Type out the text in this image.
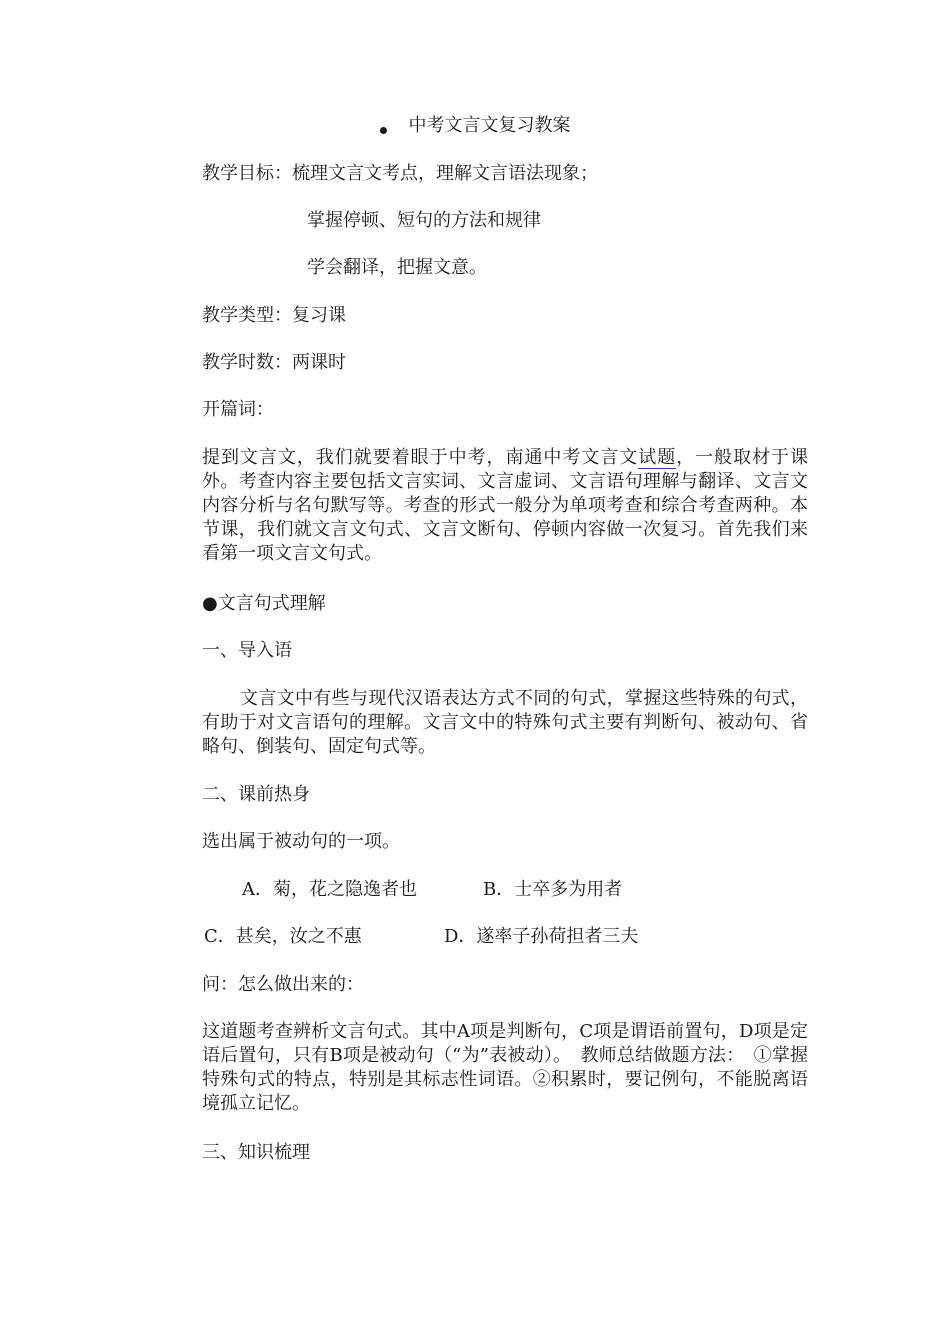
中考文言文复习教案

教学目标：梳理文言文考点，理解文言语法现象；

掌握停顿、短句的方法和规律

学会翻译，把握文意。

教学类型：复习课

教学时数：两课时

开篇词：

提到文言文，我们就要着眼于中考，南通中考文言文试题，一般取材于课外。考查内容主要包括文言实词、文言虚词、文言语句理解与翻译、文言文内容分析与名句默写等。考查的形式一般分为单项考查和综合考查两种。本节课，我们就文言文句式、文言文断句、停顿内容做一次复习。首先我们来看第一项文言文句式。

●文言句式理解

一、导入语

文言文中有些与现代汉语表达方式不同的句式，掌握这些特殊的句式，有助于对文言语句的理解。文言文中的特殊句式主要有判断句、被动句、省略句、倒装句、固定句式等。

二、课前热身

选出属于被动句的一项。

A．菊，花之隐逸者也	B．士卒多为用者
C．甚矣，汝之不惠	D．遂率子孙荷担者三夫

问：怎么做出来的：

这道题考查辨析文言句式。其中A项是判断句，C项是谓语前置句，D项是定语后置句，只有B项是被动句（“为”表被动）。　教师总结做题方法：　①掌握特殊句式的特点，特别是其标志性词语。②积累时，要记例句，不能脱离语境孤立记忆。

三、知识梳理
